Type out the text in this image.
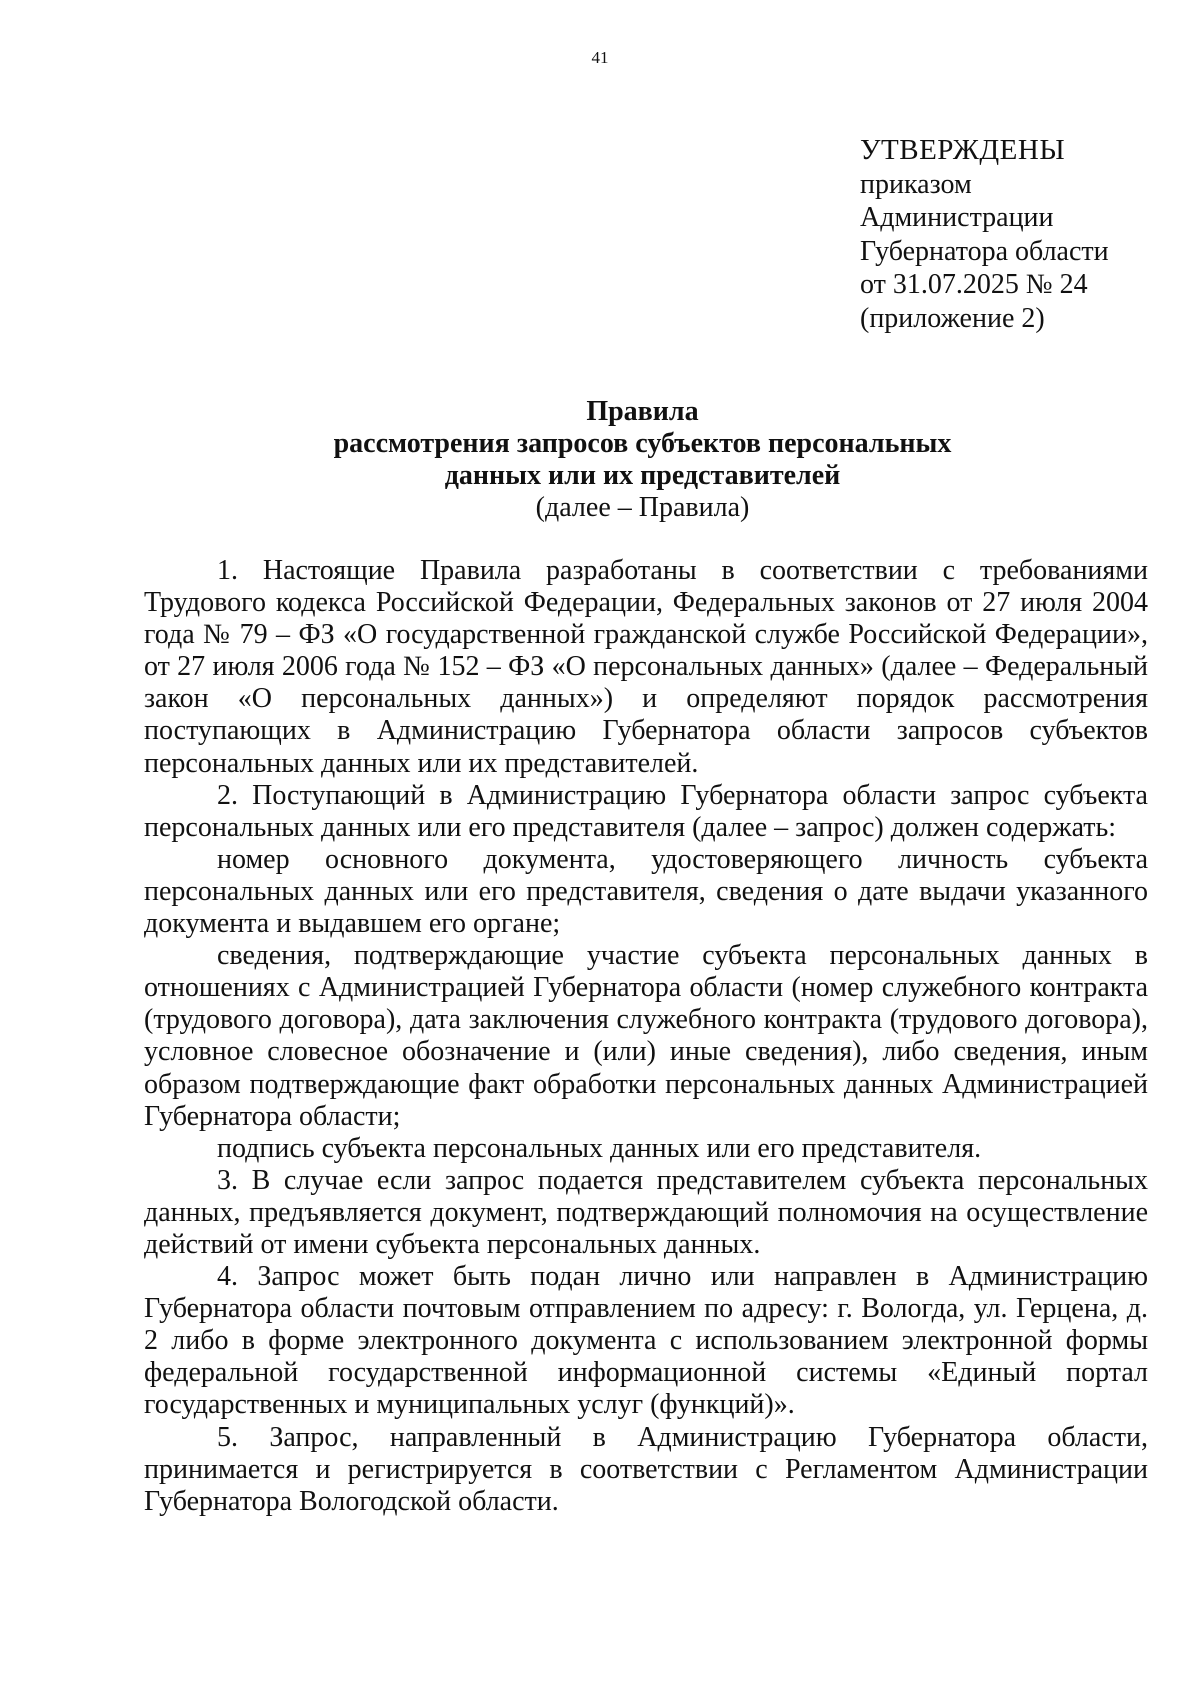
41
УТВЕРЖДЕНЫ
приказом
Администрации
Губернатора области
от 31.07.2025 № 24
(приложение 2)
Правила
рассмотрения запросов субъектов персональных
данных или их представителей
(далее – Правила)

1. Настоящие Правила разработаны в соответствии с требованиями Трудового кодекса Российской Федерации, Федеральных законов от 27 июля 2004 года № 79 – ФЗ «О государственной гражданской службе Российской Федерации», от 27 июля 2006 года № 152 – ФЗ «О персональных данных» (далее – Федеральный закон «О персональных данных») и определяют порядок рассмотрения поступающих в Администрацию Губернатора области запросов субъектов персональных данных или их представителей.

2. Поступающий в Администрацию Губернатора области запрос субъекта персональных данных или его представителя (далее – запрос) должен содержать:

номер основного документа, удостоверяющего личность субъекта персональных данных или его представителя, сведения о дате выдачи указанного документа и выдавшем его органе;

сведения, подтверждающие участие субъекта персональных данных в отношениях с Администрацией Губернатора области (номер служебного контракта (трудового договора), дата заключения служебного контракта (трудового договора), условное словесное обозначение и (или) иные сведения), либо сведения, иным образом подтверждающие факт обработки персональных данных Администрацией Губернатора области;

подпись субъекта персональных данных или его представителя.

3. В случае если запрос подается представителем субъекта персональных данных, предъявляется документ, подтверждающий полномочия на осуществление действий от имени субъекта персональных данных.

4. Запрос может быть подан лично или направлен в Администрацию Губернатора области почтовым отправлением по адресу: г. Вологда, ул. Герцена, д. 2 либо в форме электронного документа с использованием электронной формы федеральной государственной информационной системы «Единый портал государственных и муниципальных услуг (функций)».

5. Запрос, направленный в Администрацию Губернатора области, принимается и регистрируется в соответствии с Регламентом Администрации Губернатора Вологодской области.
